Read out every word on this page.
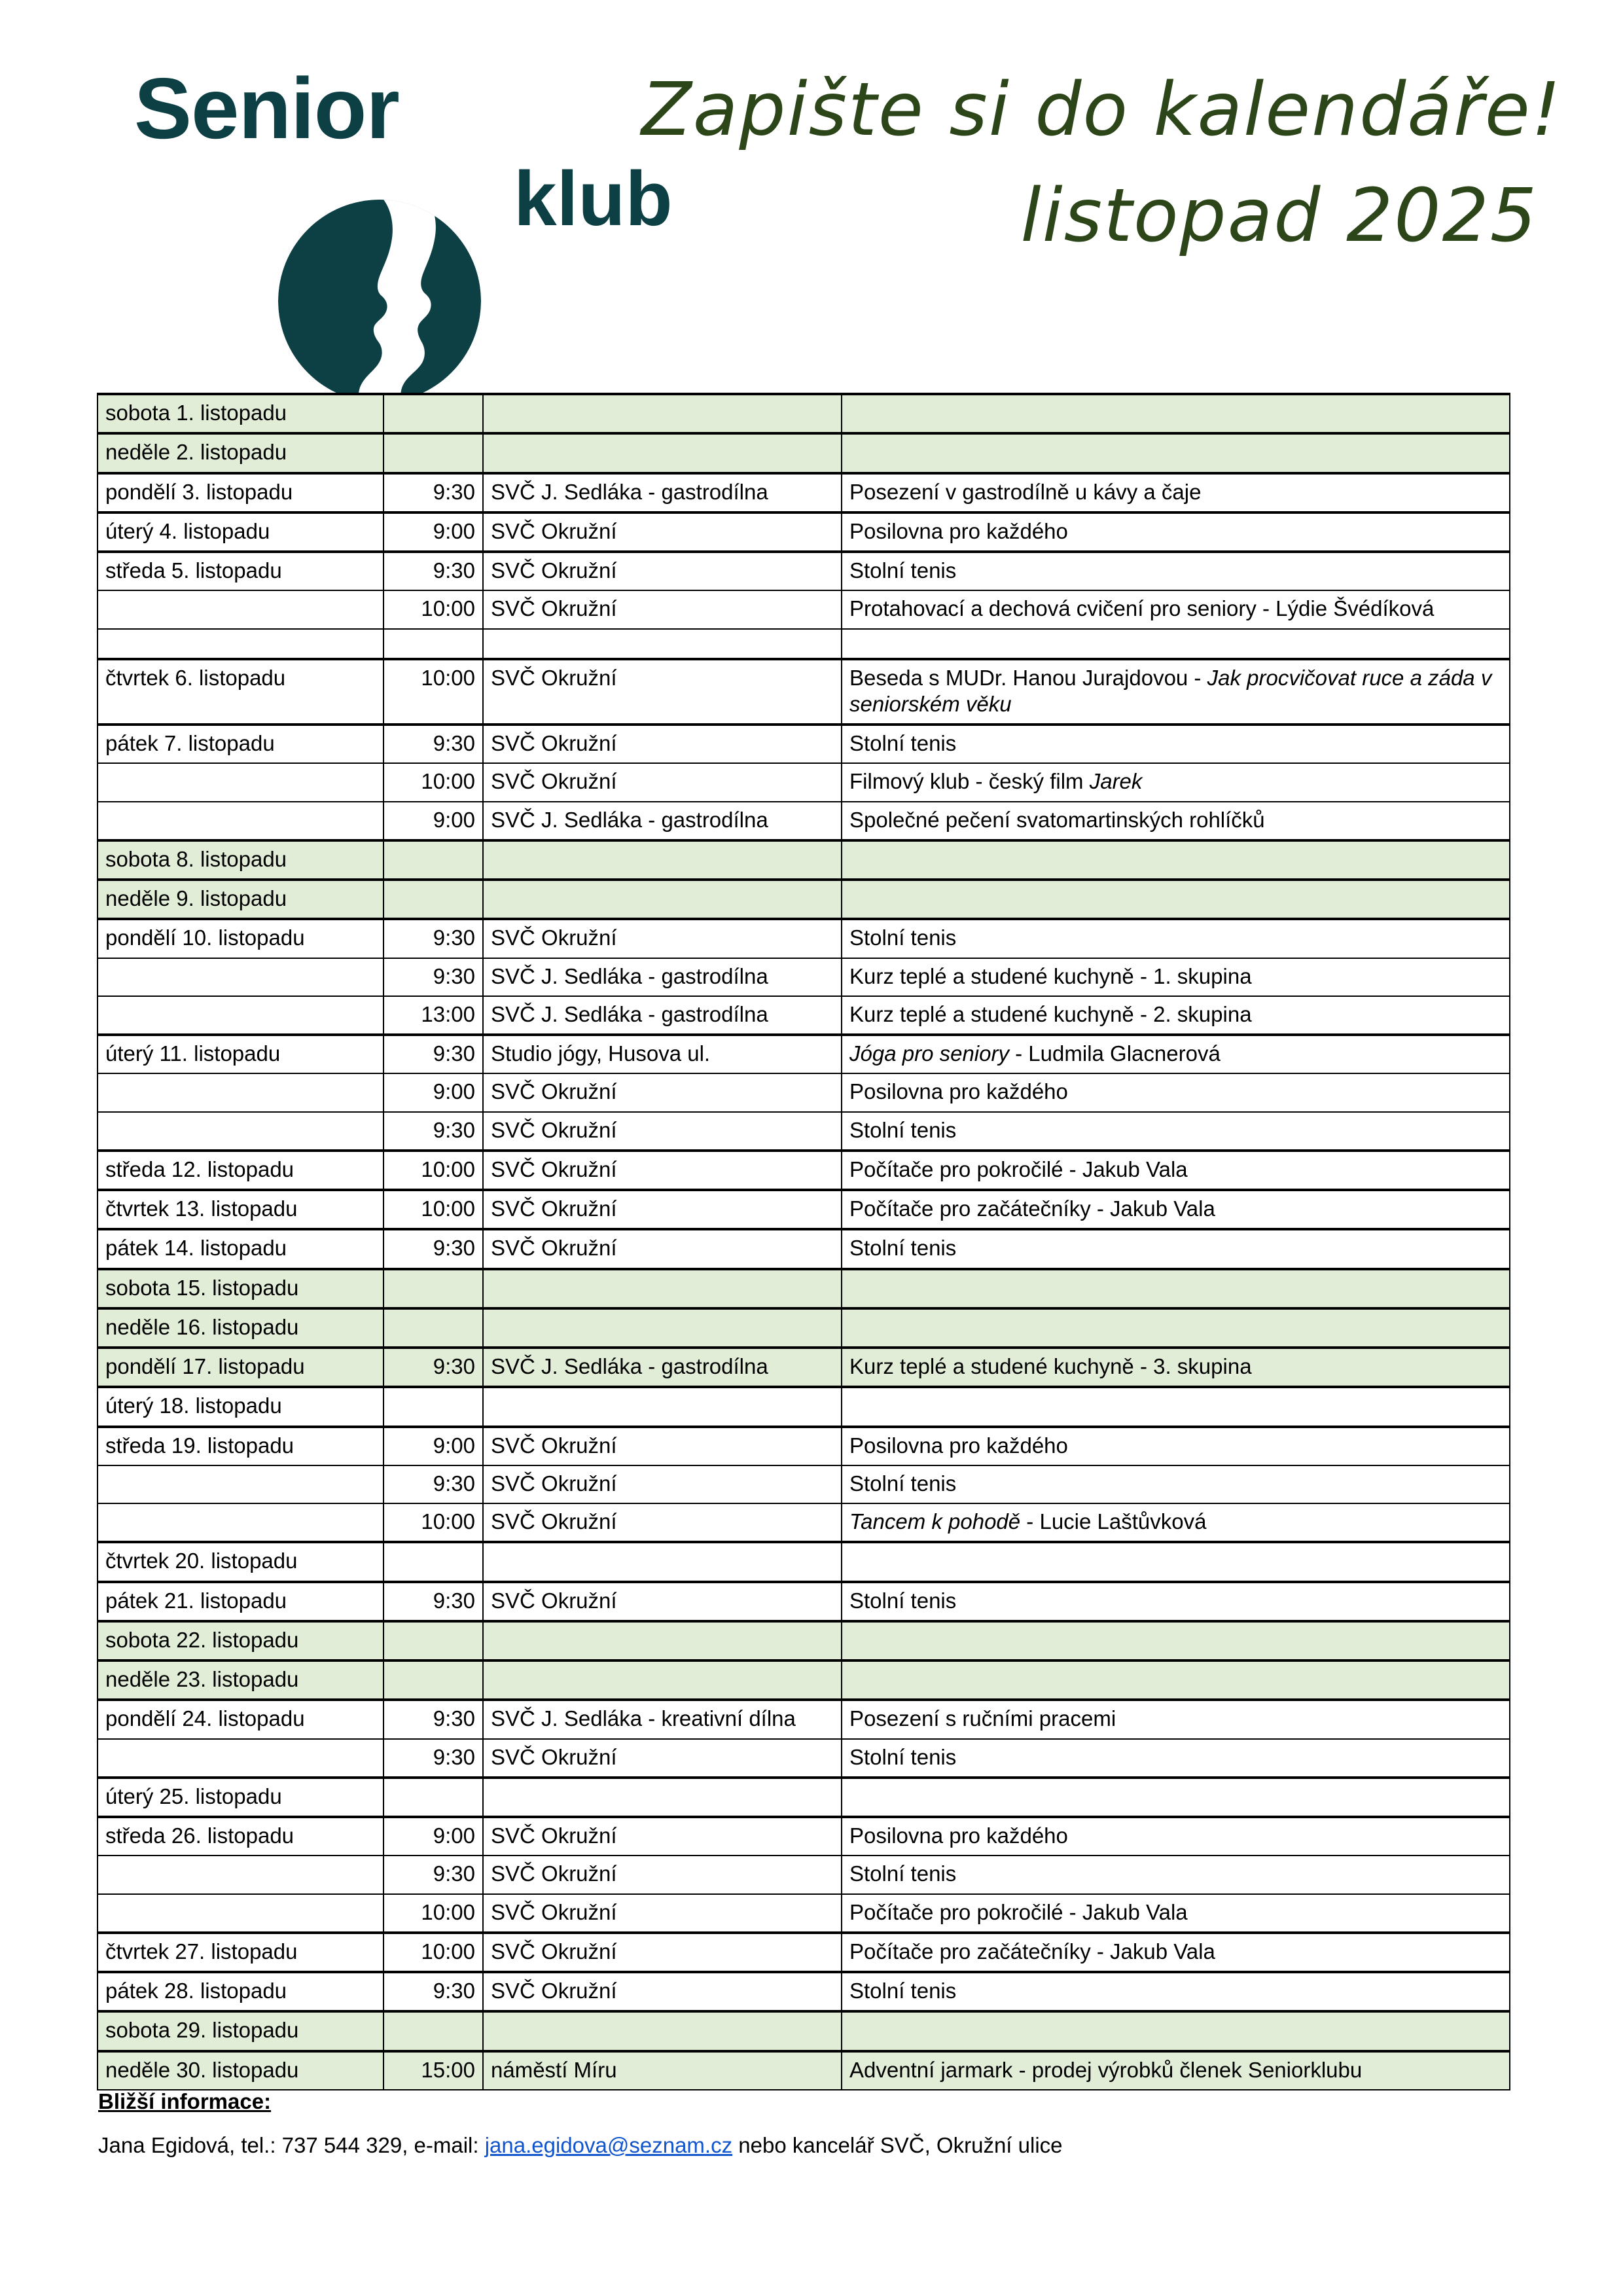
Senior
klub
Zapište si do kalendáře!
listopad 2025
sobota 1. listopadu			
neděle 2. listopadu			
pondělí 3. listopadu	9:30	SVČ J. Sedláka - gastrodílna	Posezení v gastrodílně u kávy a čaje
úterý 4. listopadu	9:00	SVČ Okružní	Posilovna pro každého
středa 5. listopadu	9:30	SVČ Okružní	Stolní tenis
	10:00	SVČ Okružní	Protahovací a dechová cvičení pro seniory - Lýdie Švédíková

čtvrtek 6. listopadu	10:00	SVČ Okružní	Beseda s MUDr. Hanou Jurajdovou - Jak procvičovat ruce a záda v seniorském věku
pátek 7. listopadu	9:30	SVČ Okružní	Stolní tenis
	10:00	SVČ Okružní	Filmový klub - český film Jarek
	9:00	SVČ J. Sedláka - gastrodílna	Společné pečení svatomartinských rohlíčků
sobota 8. listopadu			
neděle 9. listopadu			
pondělí 10. listopadu	9:30	SVČ Okružní	Stolní tenis
	9:30	SVČ J. Sedláka - gastrodílna	Kurz teplé a studené kuchyně - 1. skupina
	13:00	SVČ J. Sedláka - gastrodílna	Kurz teplé a studené kuchyně - 2. skupina
úterý 11. listopadu	9:30	Studio jógy, Husova ul.	Jóga pro seniory - Ludmila Glacnerová
	9:00	SVČ Okružní	Posilovna pro každého
	9:30	SVČ Okružní	Stolní tenis
středa 12. listopadu	10:00	SVČ Okružní	Počítače pro pokročilé - Jakub Vala
čtvrtek 13. listopadu	10:00	SVČ Okružní	Počítače pro začátečníky - Jakub Vala
pátek 14. listopadu	9:30	SVČ Okružní	Stolní tenis
sobota 15. listopadu			
neděle 16. listopadu			
pondělí 17. listopadu	9:30	SVČ J. Sedláka - gastrodílna	Kurz teplé a studené kuchyně - 3. skupina
úterý 18. listopadu			
středa 19. listopadu	9:00	SVČ Okružní	Posilovna pro každého
	9:30	SVČ Okružní	Stolní tenis
	10:00	SVČ Okružní	Tancem k pohodě - Lucie Laštůvková
čtvrtek 20. listopadu			
pátek 21. listopadu	9:30	SVČ Okružní	Stolní tenis
sobota 22. listopadu			
neděle 23. listopadu			
pondělí 24. listopadu	9:30	SVČ J. Sedláka - kreativní dílna	Posezení s ručními pracemi
	9:30	SVČ Okružní	Stolní tenis
úterý 25. listopadu			
středa 26. listopadu	9:00	SVČ Okružní	Posilovna pro každého
	9:30	SVČ Okružní	Stolní tenis
	10:00	SVČ Okružní	Počítače pro pokročilé - Jakub Vala
čtvrtek 27. listopadu	10:00	SVČ Okružní	Počítače pro začátečníky - Jakub Vala
pátek 28. listopadu	9:30	SVČ Okružní	Stolní tenis
sobota 29. listopadu			
neděle 30. listopadu	15:00	náměstí Míru	Adventní jarmark - prodej výrobků členek Seniorklubu
Bližší informace:
Jana Egidová, tel.: 737 544 329, e-mail: jana.egidova@seznam.cz nebo kancelář SVČ, Okružní ulice
